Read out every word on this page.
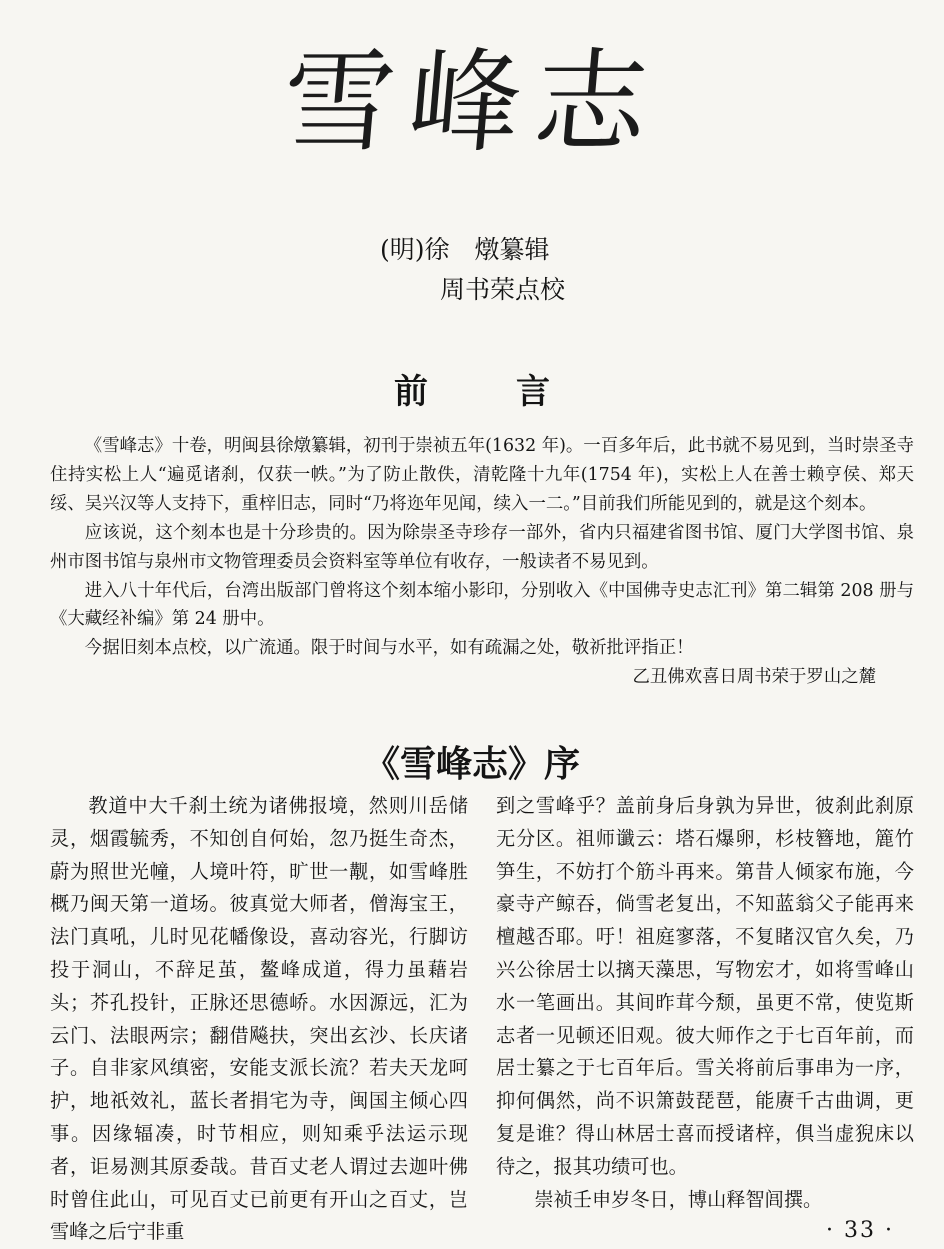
雪峰志
(明)徐　燉纂辑
周书荣点校
前言

《雪峰志》十卷，明闽县徐燉纂辑，初刊于崇祯五年(1632 年)。一百多年后，此书就不易见到，当时崇圣寺住持实松上人“遍觅诸刹，仅获一帙。”为了防止散佚，清乾隆十九年(1754 年)，实松上人在善士赖亨侯、郑天绥、吴兴汉等人支持下，重梓旧志，同时“乃将迩年见闻，续入一二。”目前我们所能见到的，就是这个刻本。

应该说，这个刻本也是十分珍贵的。因为除崇圣寺珍存一部外，省内只福建省图书馆、厦门大学图书馆、泉州市图书馆与泉州市文物管理委员会资料室等单位有收存，一般读者不易见到。

进入八十年代后，台湾出版部门曾将这个刻本缩小影印，分别收入《中国佛寺史志汇刊》第二辑第 208 册与《大藏经补编》第 24 册中。

今据旧刻本点校，以广流通。限于时间与水平，如有疏漏之处，敬祈批评指正！

乙丑佛欢喜日周书荣于罗山之麓

《雪峰志》序

教道中大千刹土统为诸佛报境，然则川岳储灵，烟霞毓秀，不知创自何始，忽乃挺生奇杰，蔚为照世光幢，人境叶符，旷世一觏，如雪峰胜概乃闽天第一道场。彼真觉大师者，僧海宝王，法门真吼，儿时见花幡像设，喜动容光，行脚访投于洞山，不辞足茧，鳌峰成道，得力虽藉岩头；芥孔投针，正脉还思德峤。水因源远，汇为云门、法眼两宗；翻借飚扶，突出玄沙、长庆诸子。自非家风缜密，安能支派长流？若夫天龙呵护，地祇效礼，蓝长者捐宅为寺，闽国主倾心四事。因缘辐凑，时节相应，则知乘乎法运示现者，讵易测其原委哉。昔百丈老人谓过去迦叶佛时曾住此山，可见百丈已前更有开山之百丈，岂雪峰之后宁非重

到之雪峰乎？盖前身后身孰为异世，彼刹此刹原无分区。祖师谶云：塔石爆卵，杉枝簪地，簏竹笋生，不妨打个筋斗再来。第昔人倾家布施，今豪寺产鲸吞，倘雪老复出，不知蓝翁父子能再来檀越否耶。吁！祖庭寥落，不复睹汉官久矣，乃兴公徐居士以摛天藻思，写物宏才，如将雪峰山水一笔画出。其间昨茸今颓，虽更不常，使览斯志者一见顿还旧观。彼大师作之于七百年前，而居士纂之于七百年后。雪关将前后事串为一序，抑何偶然，尚不识箫鼓琵琶，能赓千古曲调，更复是谁？得山林居士喜而授诸梓，俱当虚猊床以待之，报其功绩可也。

崇祯壬申岁冬日，博山释智闾撰。

· 33 ·
